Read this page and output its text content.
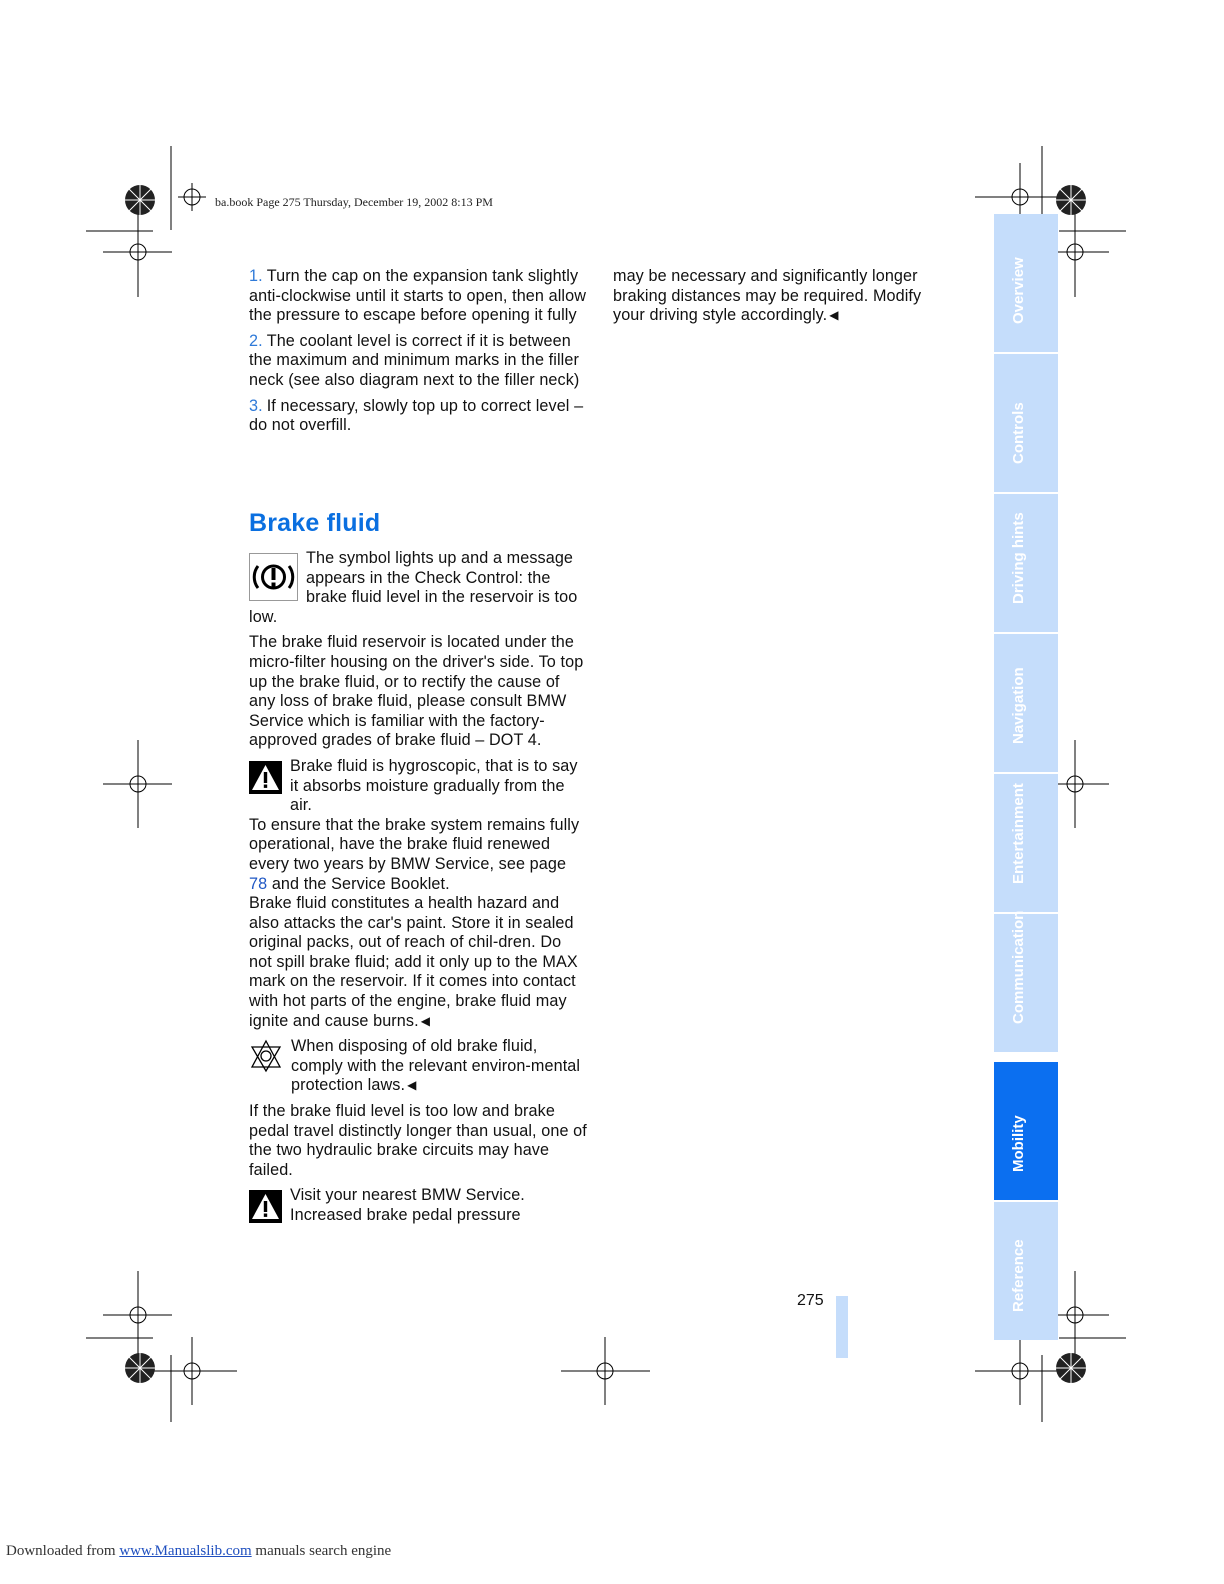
ba.book Page 275 Thursday, December 19, 2002 8:13 PM

1. Turn the cap on the expansion tank slightly anti-clockwise until it starts to open, then allow the pressure to escape before opening it fully

2. The coolant level is correct if it is between the maximum and minimum marks in the filler neck (see also diagram next to the filler neck)

3. If necessary, slowly top up to correct level – do not overfill.

Brake fluid

The symbol lights up and a message appears in the Check Control: the brake fluid level in the reservoir is too low.

The brake fluid reservoir is located under the micro-filter housing on the driver's side. To top up the brake fluid, or to rectify the cause of any loss of brake fluid, please consult BMW Service which is familiar with the factory-approved grades of brake fluid – DOT 4.

Brake fluid is hygroscopic, that is to say it absorbs moisture gradually from the air.
To ensure that the brake system remains fully operational, have the brake fluid renewed every two years by BMW Service, see page 78 and the Service Booklet.
Brake fluid constitutes a health hazard and also attacks the car's paint. Store it in sealed original packs, out of reach of chil-dren. Do not spill brake fluid; add it only up to the MAX mark on the reservoir. If it comes into contact with hot parts of the engine, brake fluid may ignite and cause burns. ◀

When disposing of old brake fluid, comply with the relevant environ-mental protection laws. ◀

If the brake fluid level is too low and brake pedal travel distinctly longer than usual, one of the two hydraulic brake circuits may have failed.

Visit your nearest BMW Service. Increased brake pedal pressure

may be necessary and significantly longer braking distances may be required. Modify your driving style accordingly. ◀	Overview
Controls
Driving hints
Navigation
Entertainment
Communication
Mobility
Reference
275
Downloaded from www.Manualslib.com manuals search engine
